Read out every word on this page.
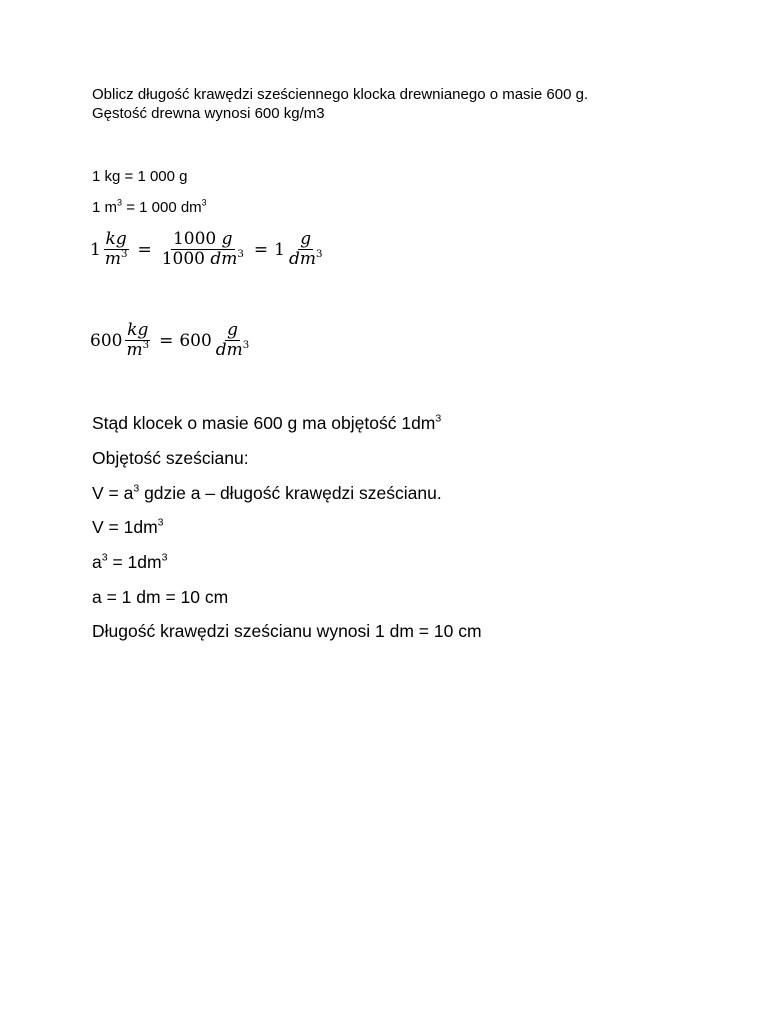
Oblicz długość krawędzi sześciennego klocka drewnianego o masie 600 g.
Gęstość drewna wynosi 600 kg/m3
1 kg = 1 000 g
1 $m^3 = 1$ 000 $dm^3$
$1 \frac{kg}{m^3} = \frac{1000 g}{1000 dm^3} = 1 \frac{g}{dm^3}$
$600 \frac{kg}{m^3} = 600 \frac{g}{dm^3}$
Stąd klocek o masie 600 g ma objętość $1dm^3$
Objętość sześcianu:
$V = a^3$ gdzie a – długość krawędzi sześcianu.
$V = 1dm^3$
$a^3 = 1dm^3$
a = 1 dm = 10 cm
Długość krawędzi sześcianu wynosi 1 dm = 10 cm
